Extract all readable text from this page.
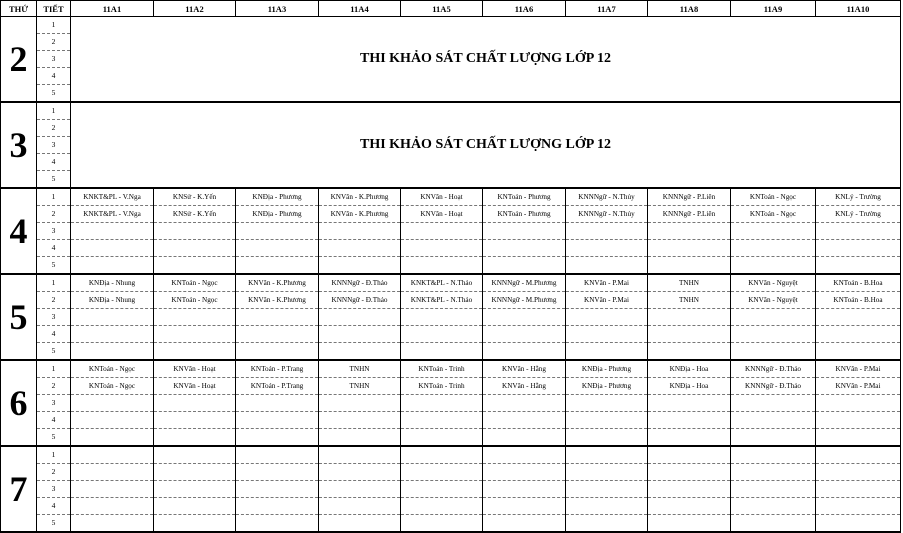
THỨ	TIẾT	11A1	11A2	11A3	11A4	11A5	11A6	11A7	11A8	11A9	11A10
2	1	THI KHẢO SÁT CHẤT LƯỢNG LỚP 12									
	2										
	3										
	4										
	5										
3	1	THI KHẢO SÁT CHẤT LƯỢNG LỚP 12									
	2										
	3										
	4										
	5										
4	1	KNKT&PL - V.Nga	KNSử - K.Yến	KNĐịa - Phương	KNVăn - K.Phương	KNVăn - Hoạt	KNToán - Phương	KNNNgữ - N.Thủy	KNNNgữ - P.Liên	KNToán - Ngọc	KNLý - Trường
	2	KNKT&PL - V.Nga	KNSử - K.Yến	KNĐịa - Phương	KNVăn - K.Phương	KNVăn - Hoạt	KNToán - Phương	KNNNgữ - N.Thủy	KNNNgữ - P.Liên	KNToán - Ngọc	KNLý - Trường
	3										
	4										
	5										
5	1	KNĐịa - Nhung	KNToán - Ngọc	KNVăn - K.Phương	KNNNgữ - Đ.Thảo	KNKT&PL - N.Thảo	KNNNgữ - M.Phương	KNVăn - P.Mai	TNHN	KNVăn - Nguyệt	KNToán - B.Hoa
	2	KNĐịa - Nhung	KNToán - Ngọc	KNVăn - K.Phương	KNNNgữ - Đ.Thảo	KNKT&PL - N.Thảo	KNNNgữ - M.Phương	KNVăn - P.Mai	TNHN	KNVăn - Nguyệt	KNToán - B.Hoa
	3										
	4										
	5										
6	1	KNToán - Ngọc	KNVăn - Hoạt	KNToán - P.Trang	TNHN	KNToán - Trinh	KNVăn - Hằng	KNĐịa - Phương	KNĐịa - Hoa	KNNNgữ - Đ.Thảo	KNVăn - P.Mai
	2	KNToán - Ngọc	KNVăn - Hoạt	KNToán - P.Trang	TNHN	KNToán - Trinh	KNVăn - Hằng	KNĐịa - Phương	KNĐịa - Hoa	KNNNgữ - Đ.Thảo	KNVăn - P.Mai
	3										
	4										
	5										
7	1										
	2										
	3										
	4										
	5										
